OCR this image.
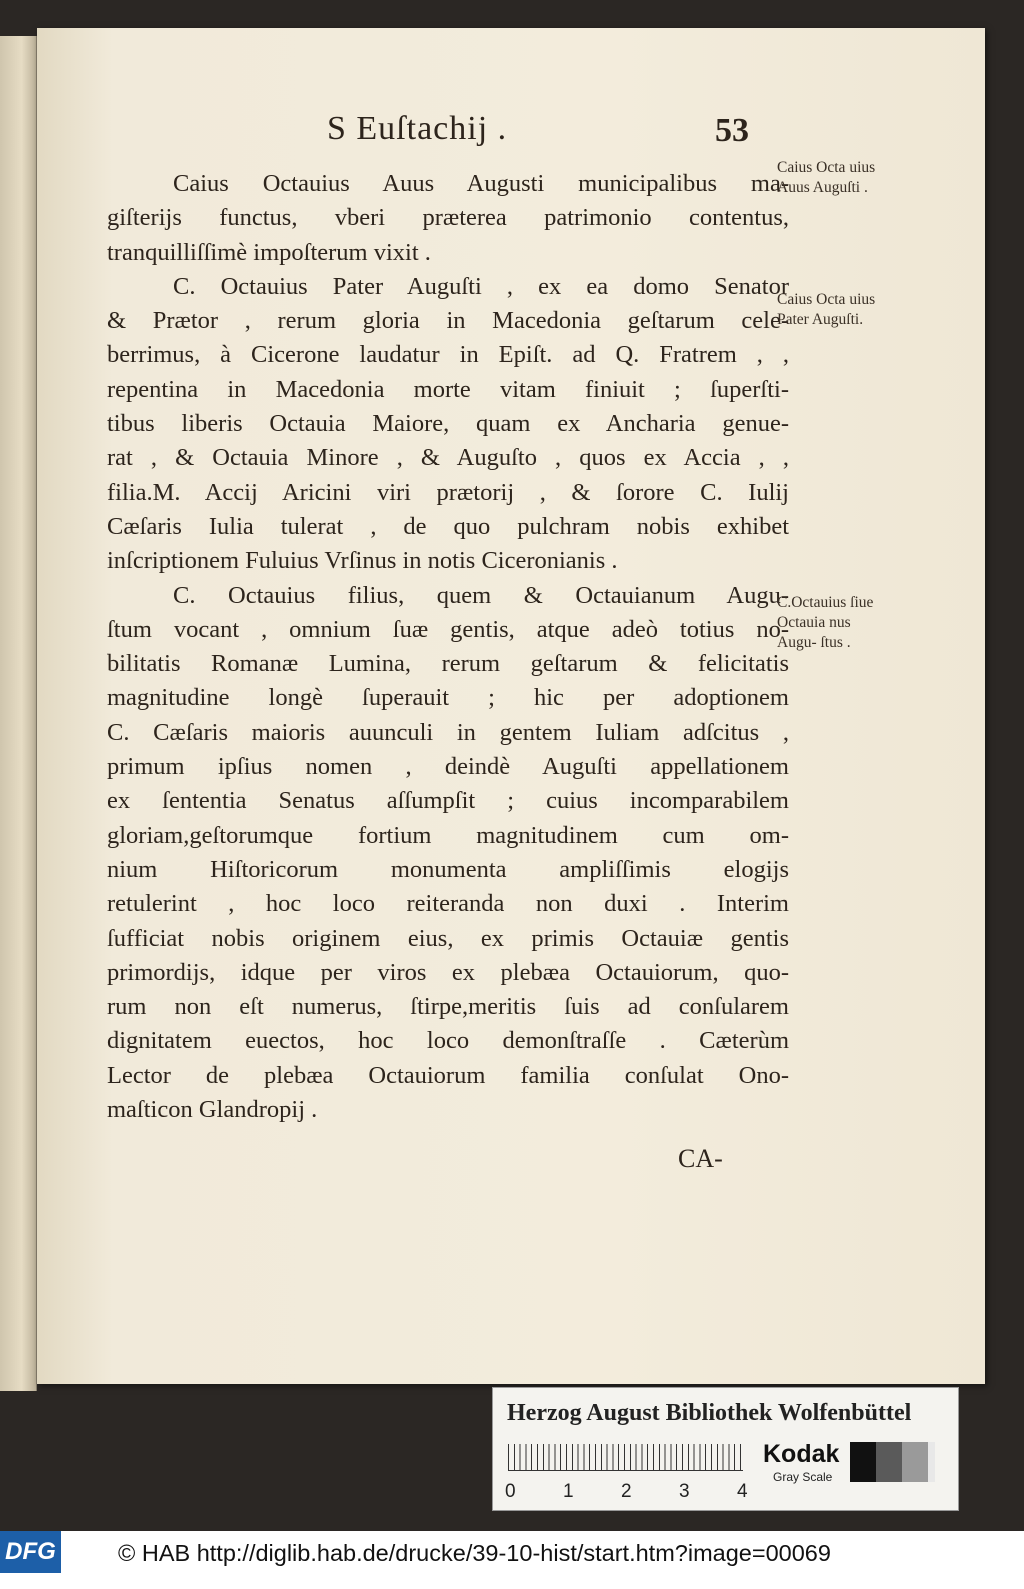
S Euſtachij .	53
Caius Octauius Auus Augusti municipalibus ma-
giſterijs functus, vberi præterea patrimonio contentus,
tranquilliſſimè impoſterum vixit .
C. Octauius Pater Auguſti , ex ea domo Senator
& Prætor , rerum gloria in Macedonia geſtarum cele-
berrimus, à Cicerone laudatur in Epiſt. ad Q. Fratrem , ,
repentina in Macedonia morte vitam finiuit ; ſuperſti-
tibus liberis Octauia Maiore, quam ex Ancharia genue-
rat , & Octauia Minore , & Auguſto , quos ex Accia , ,
filia.M. Accij Aricini viri prætorij , & ſorore C. Iulij
Cæſaris Iulia tulerat , de quo pulchram nobis exhibet
inſcriptionem Fuluius Vrſinus in notis Ciceronianis .
C. Octauius filius, quem & Octauianum Augu-
ſtum vocant , omnium ſuæ gentis, atque adeò totius no-
bilitatis Romanæ Lumina, rerum geſtarum & felicitatis
magnitudine longè ſuperauit ; hic per adoptionem
C. Cæſaris maioris auunculi in gentem Iuliam adſcitus ,
primum ipſius nomen , deindè Auguſti appellationem
ex ſententia Senatus aſſumpſit ; cuius incomparabilem
gloriam,geſtorumque fortium magnitudinem cum om-
nium Hiſtoricorum monumenta ampliſſimis elogijs
retulerint , hoc loco reiteranda non duxi . Interim
ſufficiat nobis originem eius, ex primis Octauiæ gentis
primordijs, idque per viros ex plebæa Octauiorum, quo-
rum non eſt numerus, ſtirpe,meritis ſuis ad conſularem
dignitatem euectos, hoc loco demonſtraſſe . Cæterùm
Lector de plebæa Octauiorum familia conſulat Ono-
maſticon Glandropij .
Caius Octa uius Auus Auguſti .
Caius Octa uius Pater Auguſti.
C.Octauius ſiue Octauia nus Augu- ſtus .
CA-
Herzog August Bibliothek Wolfenbüttel
0 1 2 3 4
Kodak
Gray Scale
DFG	© HAB http://diglib.hab.de/drucke/39-10-hist/start.htm?image=00069
